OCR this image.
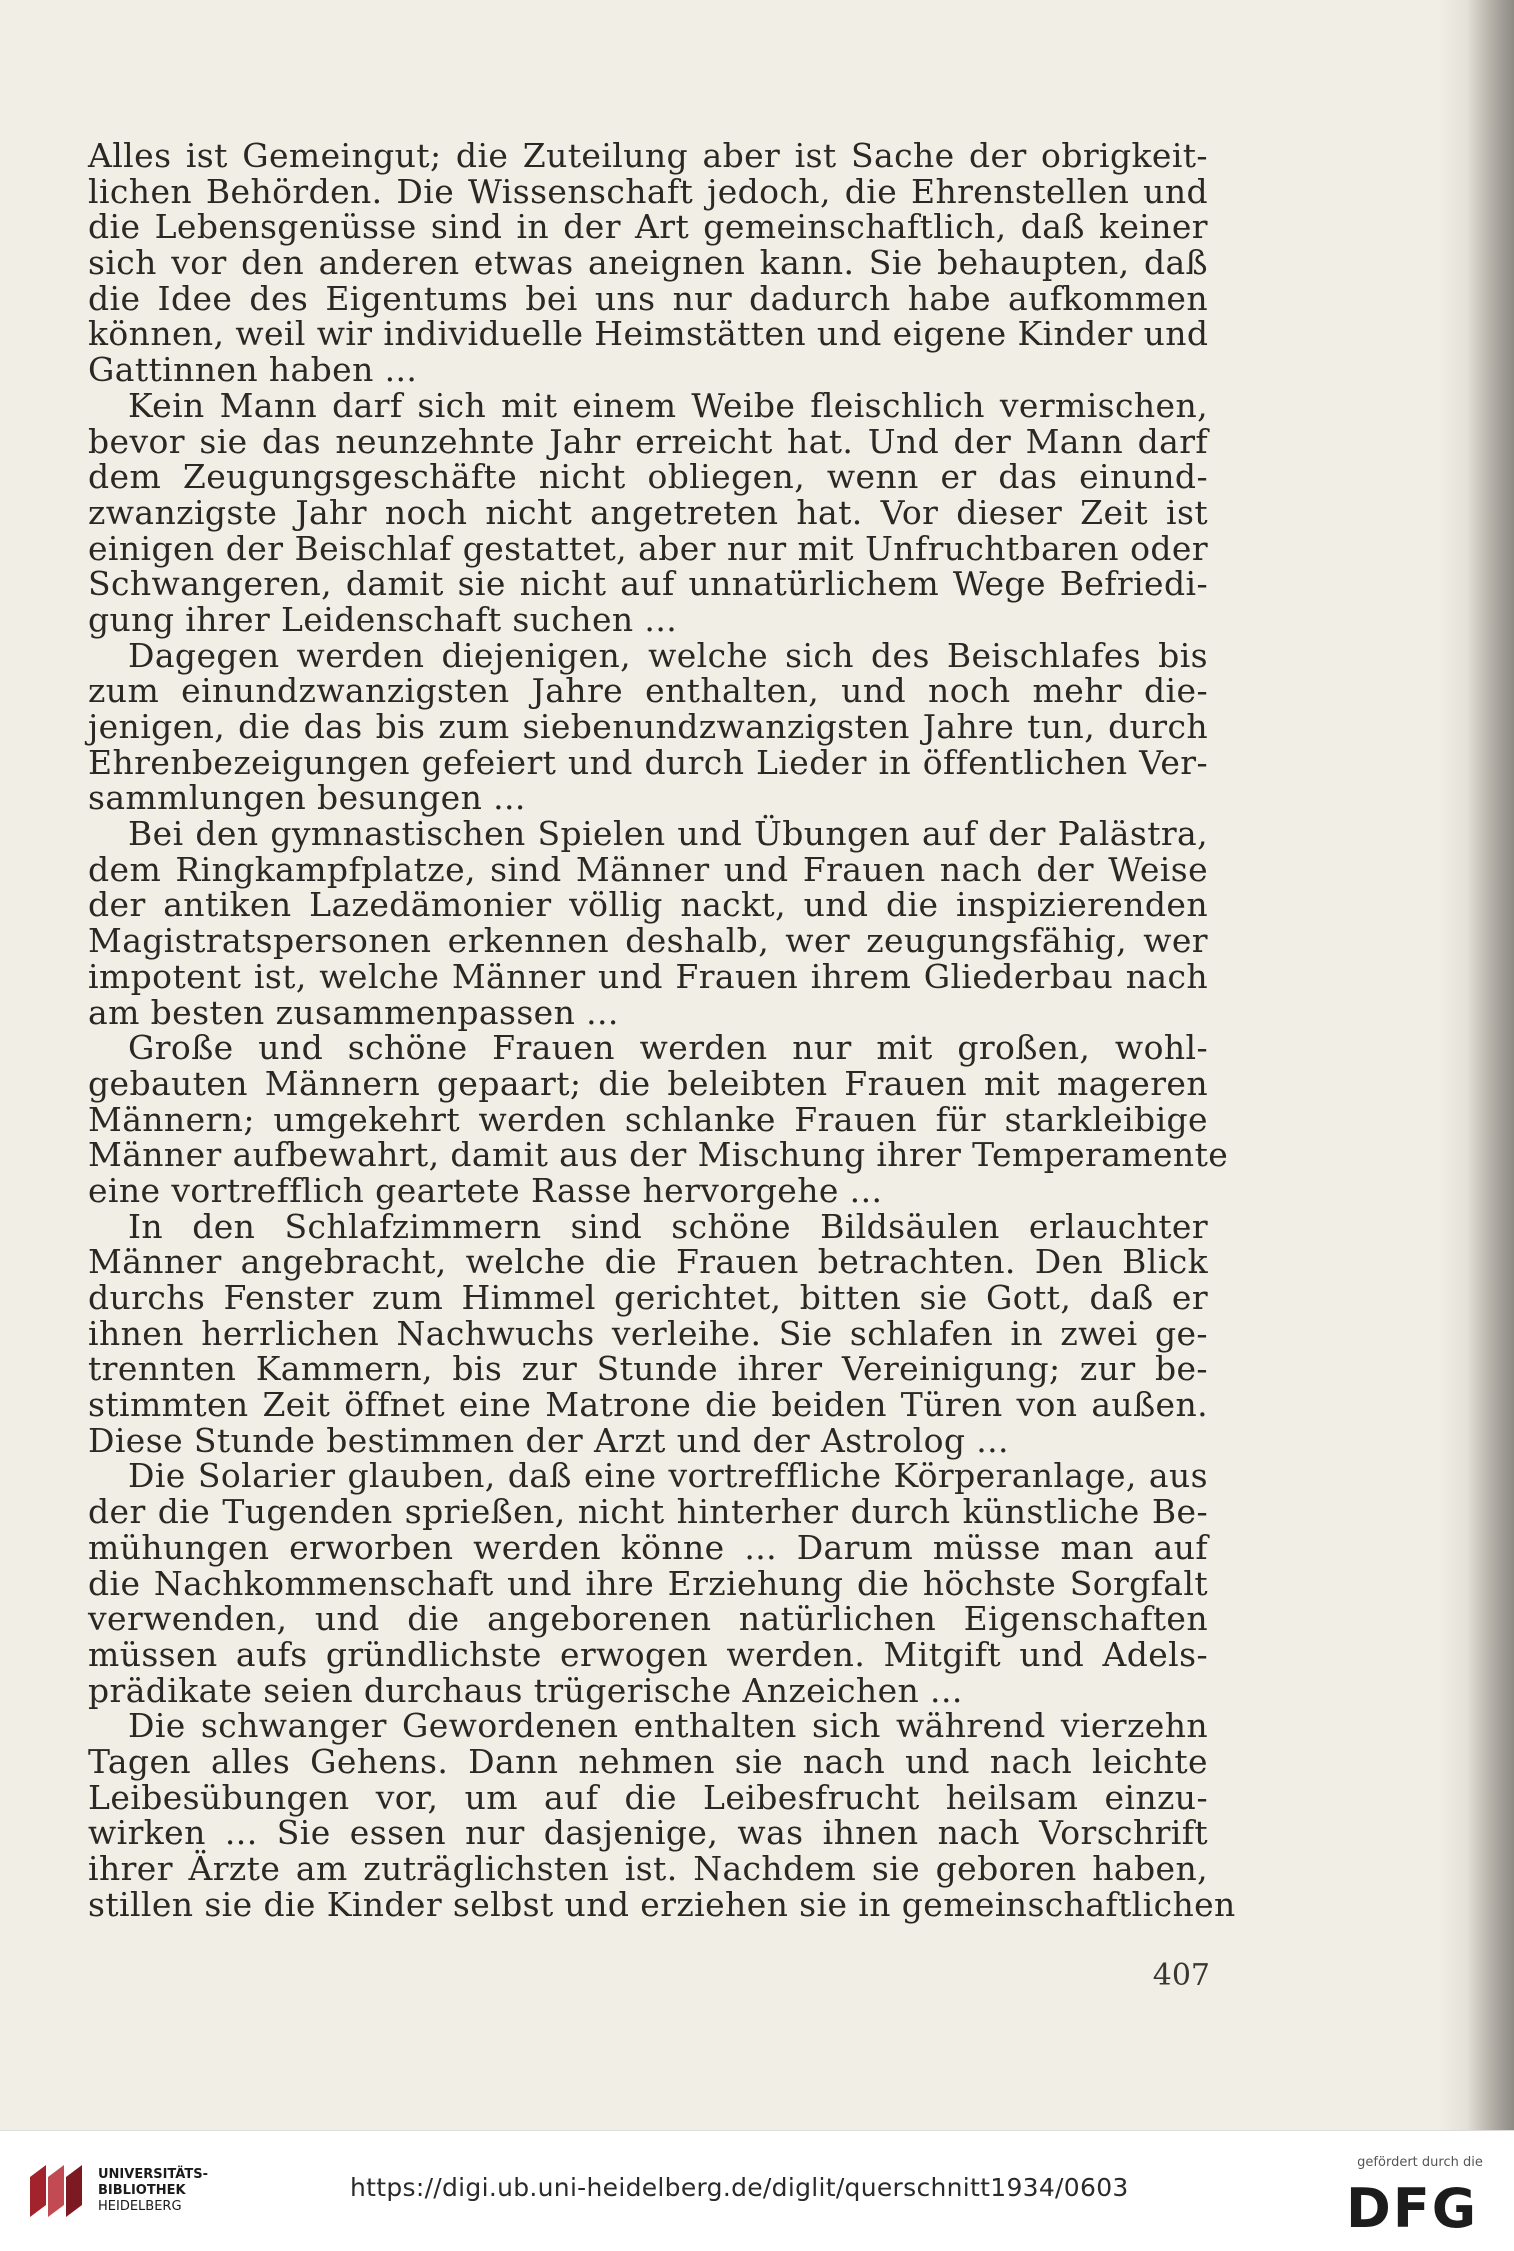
Alles ist Gemeingut; die Zuteilung aber ist Sache der obrigkeit-
lichen Behörden. Die Wissenschaft jedoch, die Ehrenstellen und
die Lebensgenüsse sind in der Art gemeinschaftlich, daß keiner
sich vor den anderen etwas aneignen kann. Sie behaupten, daß
die Idee des Eigentums bei uns nur dadurch habe aufkommen
können, weil wir individuelle Heimstätten und eigene Kinder und
Gattinnen haben ...
Kein Mann darf sich mit einem Weibe fleischlich vermischen,
bevor sie das neunzehnte Jahr erreicht hat. Und der Mann darf
dem Zeugungsgeschäfte nicht obliegen, wenn er das einund-
zwanzigste Jahr noch nicht angetreten hat. Vor dieser Zeit ist
einigen der Beischlaf gestattet, aber nur mit Unfruchtbaren oder
Schwangeren, damit sie nicht auf unnatürlichem Wege Befriedi-
gung ihrer Leidenschaft suchen ...
Dagegen werden diejenigen, welche sich des Beischlafes bis
zum einundzwanzigsten Jahre enthalten, und noch mehr die-
jenigen, die das bis zum siebenundzwanzigsten Jahre tun, durch
Ehrenbezeigungen gefeiert und durch Lieder in öffentlichen Ver-
sammlungen besungen ...
Bei den gymnastischen Spielen und Übungen auf der Palästra,
dem Ringkampfplatze, sind Männer und Frauen nach der Weise
der antiken Lazedämonier völlig nackt, und die inspizierenden
Magistratspersonen erkennen deshalb, wer zeugungsfähig, wer
impotent ist, welche Männer und Frauen ihrem Gliederbau nach
am besten zusammenpassen ...
Große und schöne Frauen werden nur mit großen, wohl-
gebauten Männern gepaart; die beleibten Frauen mit mageren
Männern; umgekehrt werden schlanke Frauen für starkleibige
Männer aufbewahrt, damit aus der Mischung ihrer Temperamente
eine vortrefflich geartete Rasse hervorgehe ...
In den Schlafzimmern sind schöne Bildsäulen erlauchter
Männer angebracht, welche die Frauen betrachten. Den Blick
durchs Fenster zum Himmel gerichtet, bitten sie Gott, daß er
ihnen herrlichen Nachwuchs verleihe. Sie schlafen in zwei ge-
trennten Kammern, bis zur Stunde ihrer Vereinigung; zur be-
stimmten Zeit öffnet eine Matrone die beiden Türen von außen.
Diese Stunde bestimmen der Arzt und der Astrolog ...
Die Solarier glauben, daß eine vortreffliche Körperanlage, aus
der die Tugenden sprießen, nicht hinterher durch künstliche Be-
mühungen erworben werden könne ... Darum müsse man auf
die Nachkommenschaft und ihre Erziehung die höchste Sorgfalt
verwenden, und die angeborenen natürlichen Eigenschaften
müssen aufs gründlichste erwogen werden. Mitgift und Adels-
prädikate seien durchaus trügerische Anzeichen ...
Die schwanger Gewordenen enthalten sich während vierzehn
Tagen alles Gehens. Dann nehmen sie nach und nach leichte
Leibesübungen vor, um auf die Leibesfrucht heilsam einzu-
wirken ... Sie essen nur dasjenige, was ihnen nach Vorschrift
ihrer Ärzte am zuträglichsten ist. Nachdem sie geboren haben,
stillen sie die Kinder selbst und erziehen sie in gemeinschaftlichen
407
UNIVERSITÄTS-
BIBLIOTHEK
HEIDELBERG
https://digi.ub.uni-heidelberg.de/diglit/querschnitt1934/0603
gefördert durch die
DFG
